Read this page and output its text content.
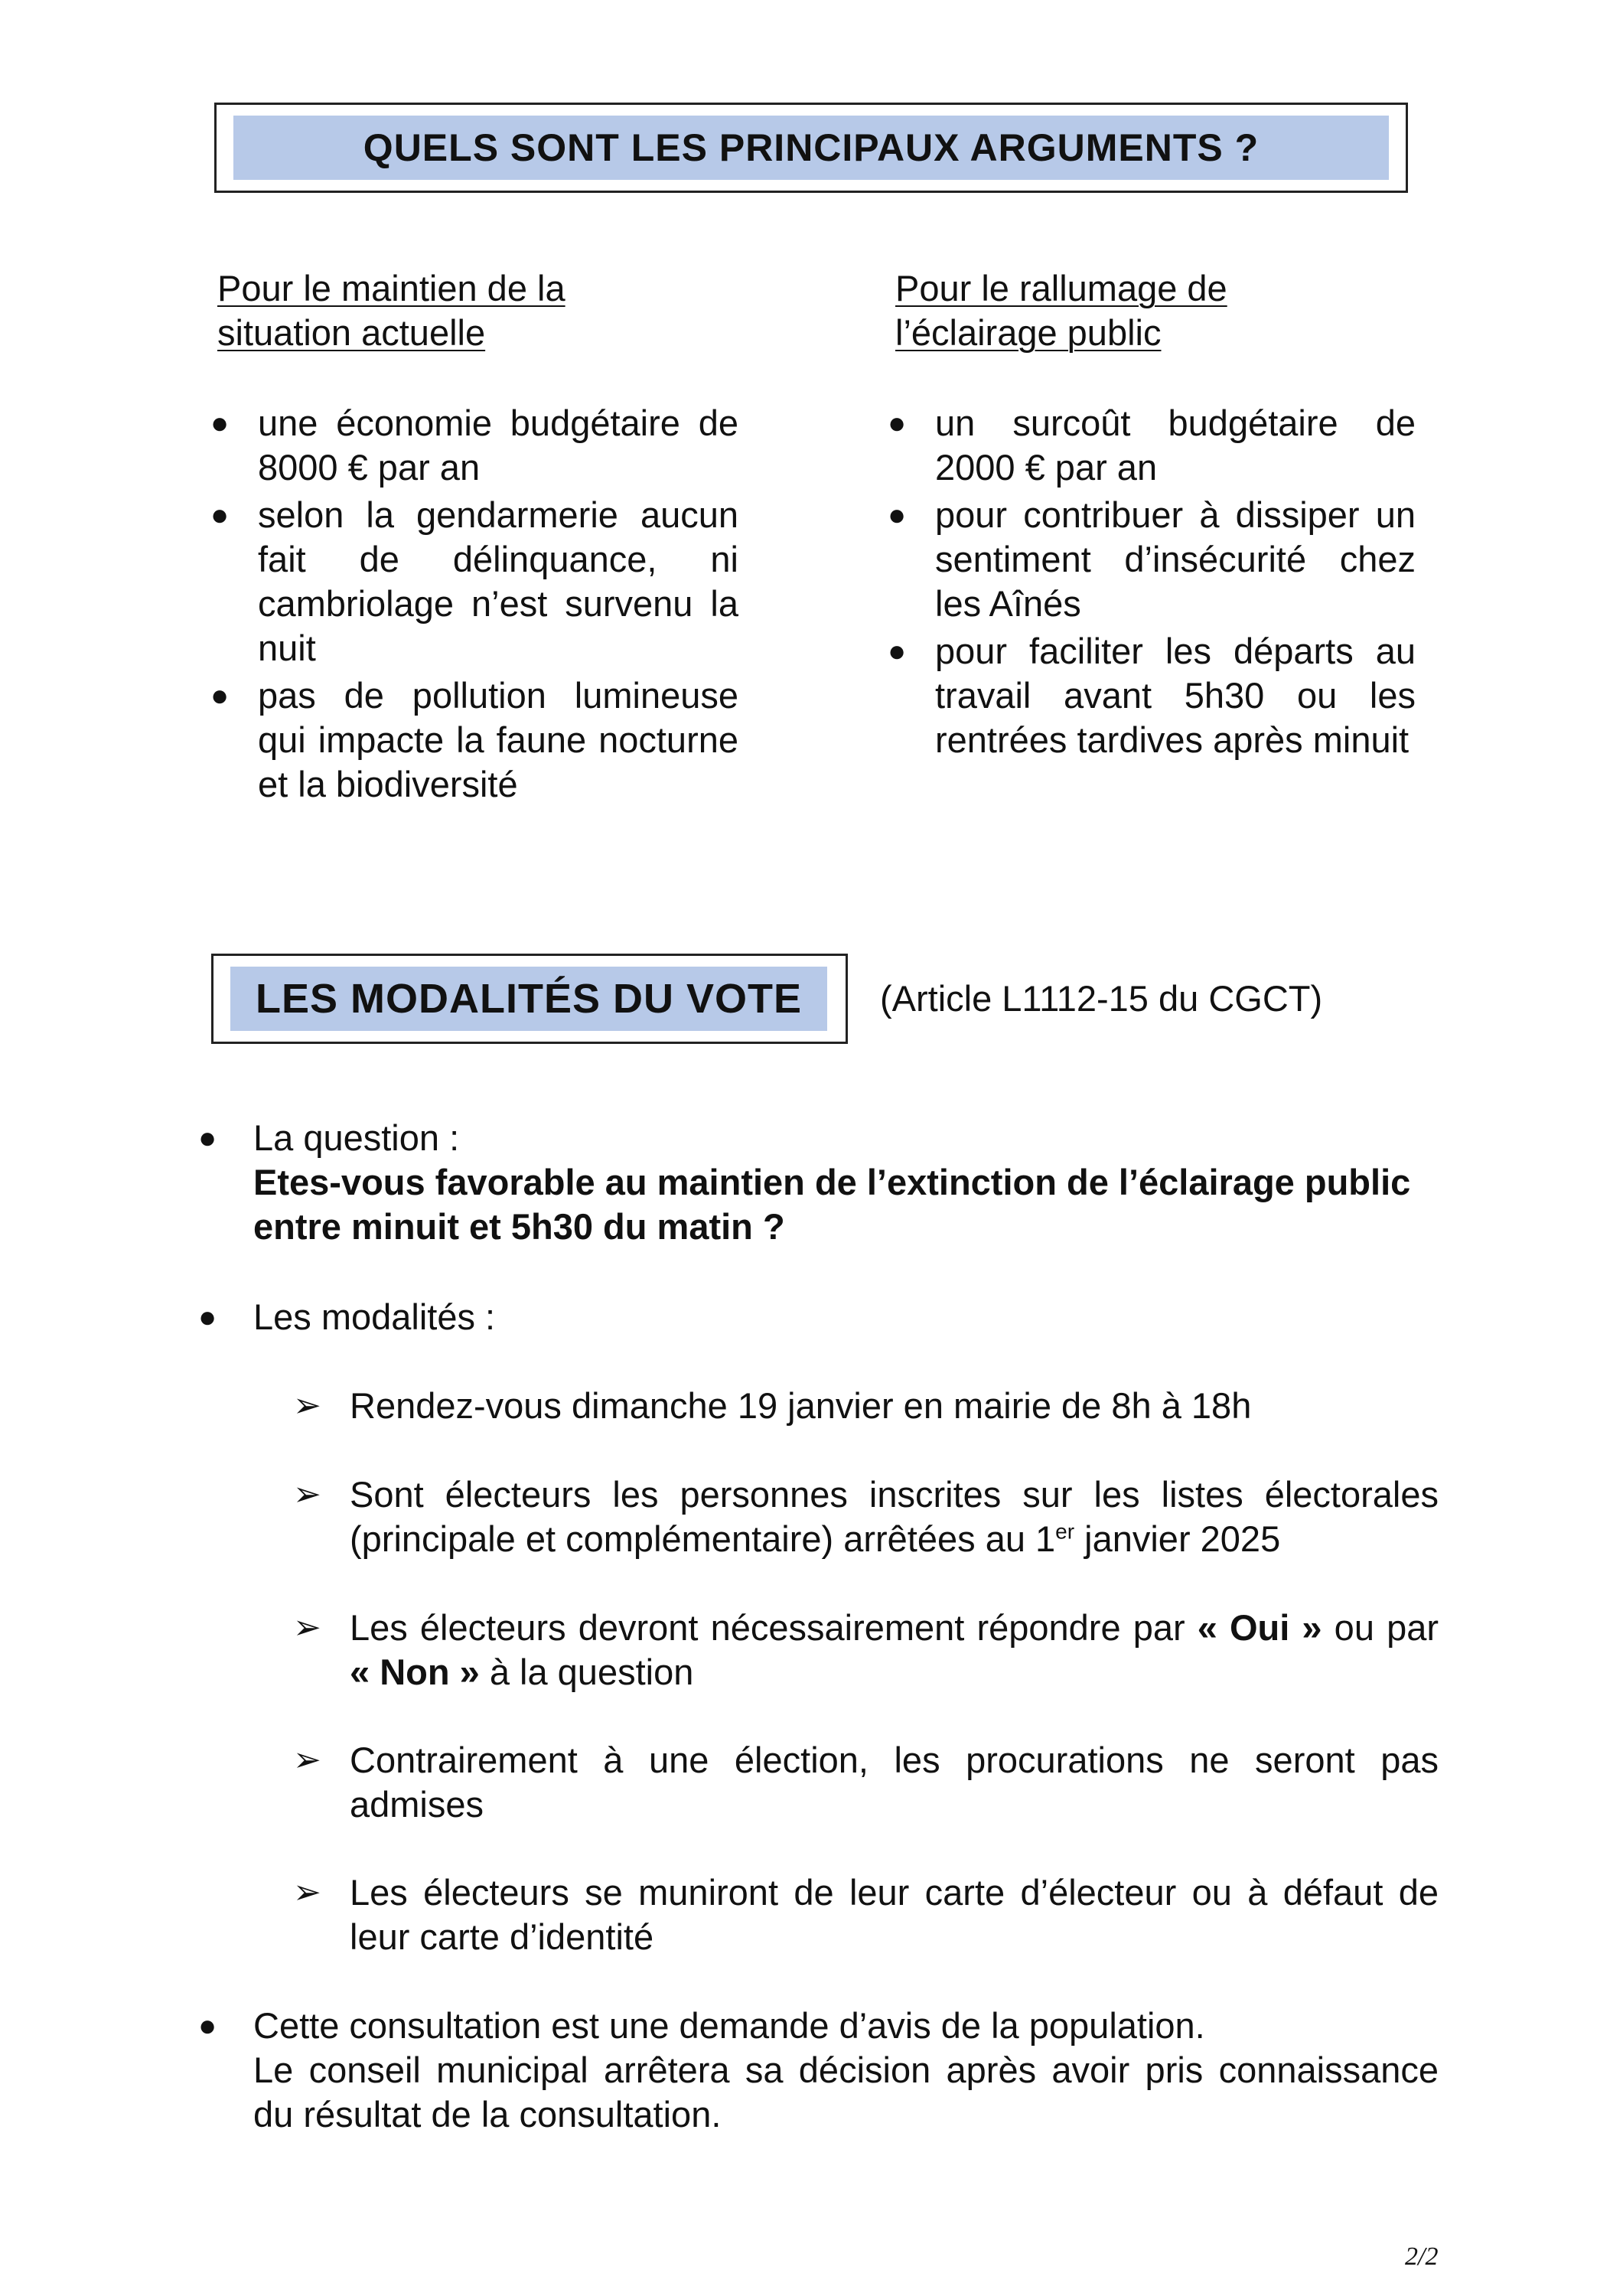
QUELS SONT LES PRINCIPAUX ARGUMENTS ?
Pour le maintien de la situation actuelle
● une économie budgétaire de 8000 € par an
● selon la gendarmerie aucun fait de délinquance, ni cambriolage n’est survenu la nuit
● pas de pollution lumineuse qui impacte la faune nocturne et la biodiversité
Pour le rallumage de l’éclairage public
● un surcoût budgétaire de 2000 € par an
● pour contribuer à dissiper un sentiment d’insécurité chez les Aînés
● pour faciliter les départs au travail avant 5h30 ou les rentrées tardives après minuit
LES MODALITÉS DU VOTE	(Article L1112-15 du CGCT)
● La question :
Etes-vous favorable au maintien de l’extinction de l’éclairage public entre minuit et 5h30 du matin ?
● Les modalités :
➢ Rendez-vous dimanche 19 janvier en mairie de 8h à 18h
➢ Sont électeurs les personnes inscrites sur les listes électorales (principale et complémentaire) arrêtées au 1er janvier 2025
➢ Les électeurs devront nécessairement répondre par « Oui » ou par « Non » à la question
➢ Contrairement à une élection, les procurations ne seront pas admises
➢ Les électeurs se muniront de leur carte d’électeur ou à défaut de leur carte d’identité
● Cette consultation est une demande d’avis de la population.
Le conseil municipal arrêtera sa décision après avoir pris connaissance du résultat de la consultation.
2/2
